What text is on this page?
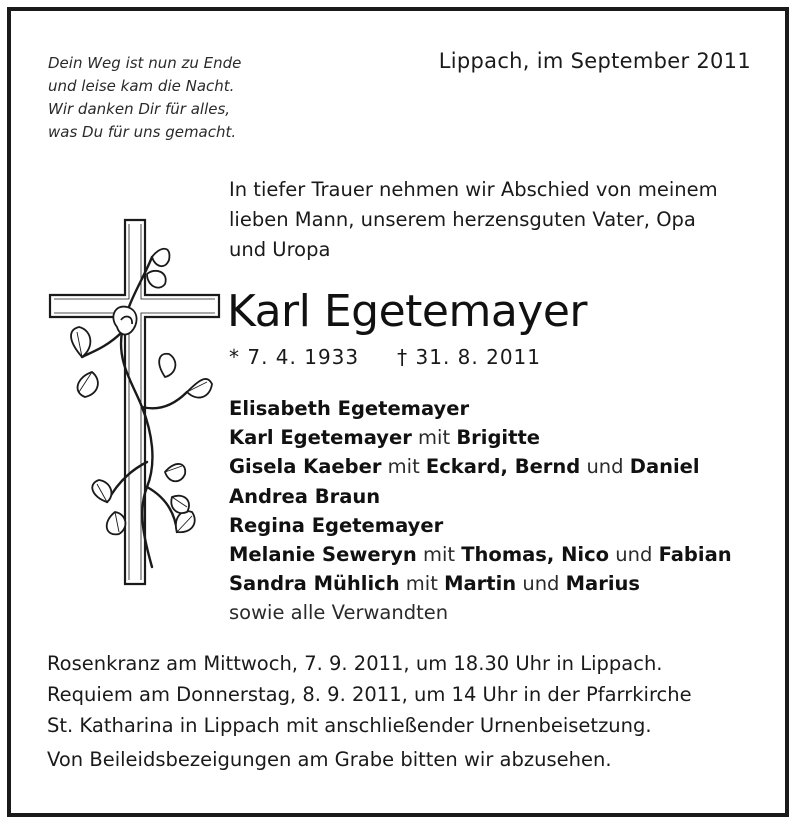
Dein Weg ist nun zu Ende
und leise kam die Nacht.
Wir danken Dir für alles,
was Du für uns gemacht.
Lippach, im September 2011
In tiefer Trauer nehmen wir Abschied von meinem
lieben Mann, unserem herzensguten Vater, Opa
und Uropa
Karl Egetemayer
* 7. 4. 1933 † 31. 8. 2011
Elisabeth Egetemayer
Karl Egetemayer mit Brigitte
Gisela Kaeber mit Eckard, Bernd und Daniel
Andrea Braun
Regina Egetemayer
Melanie Seweryn mit Thomas, Nico und Fabian
Sandra Mühlich mit Martin und Marius
sowie alle Verwandten
Rosenkranz am Mittwoch, 7. 9. 2011, um 18.30 Uhr in Lippach.
Requiem am Donnerstag, 8. 9. 2011, um 14 Uhr in der Pfarrkirche
St. Katharina in Lippach mit anschließender Urnenbeisetzung.
Von Beileidsbezeigungen am Grabe bitten wir abzusehen.
